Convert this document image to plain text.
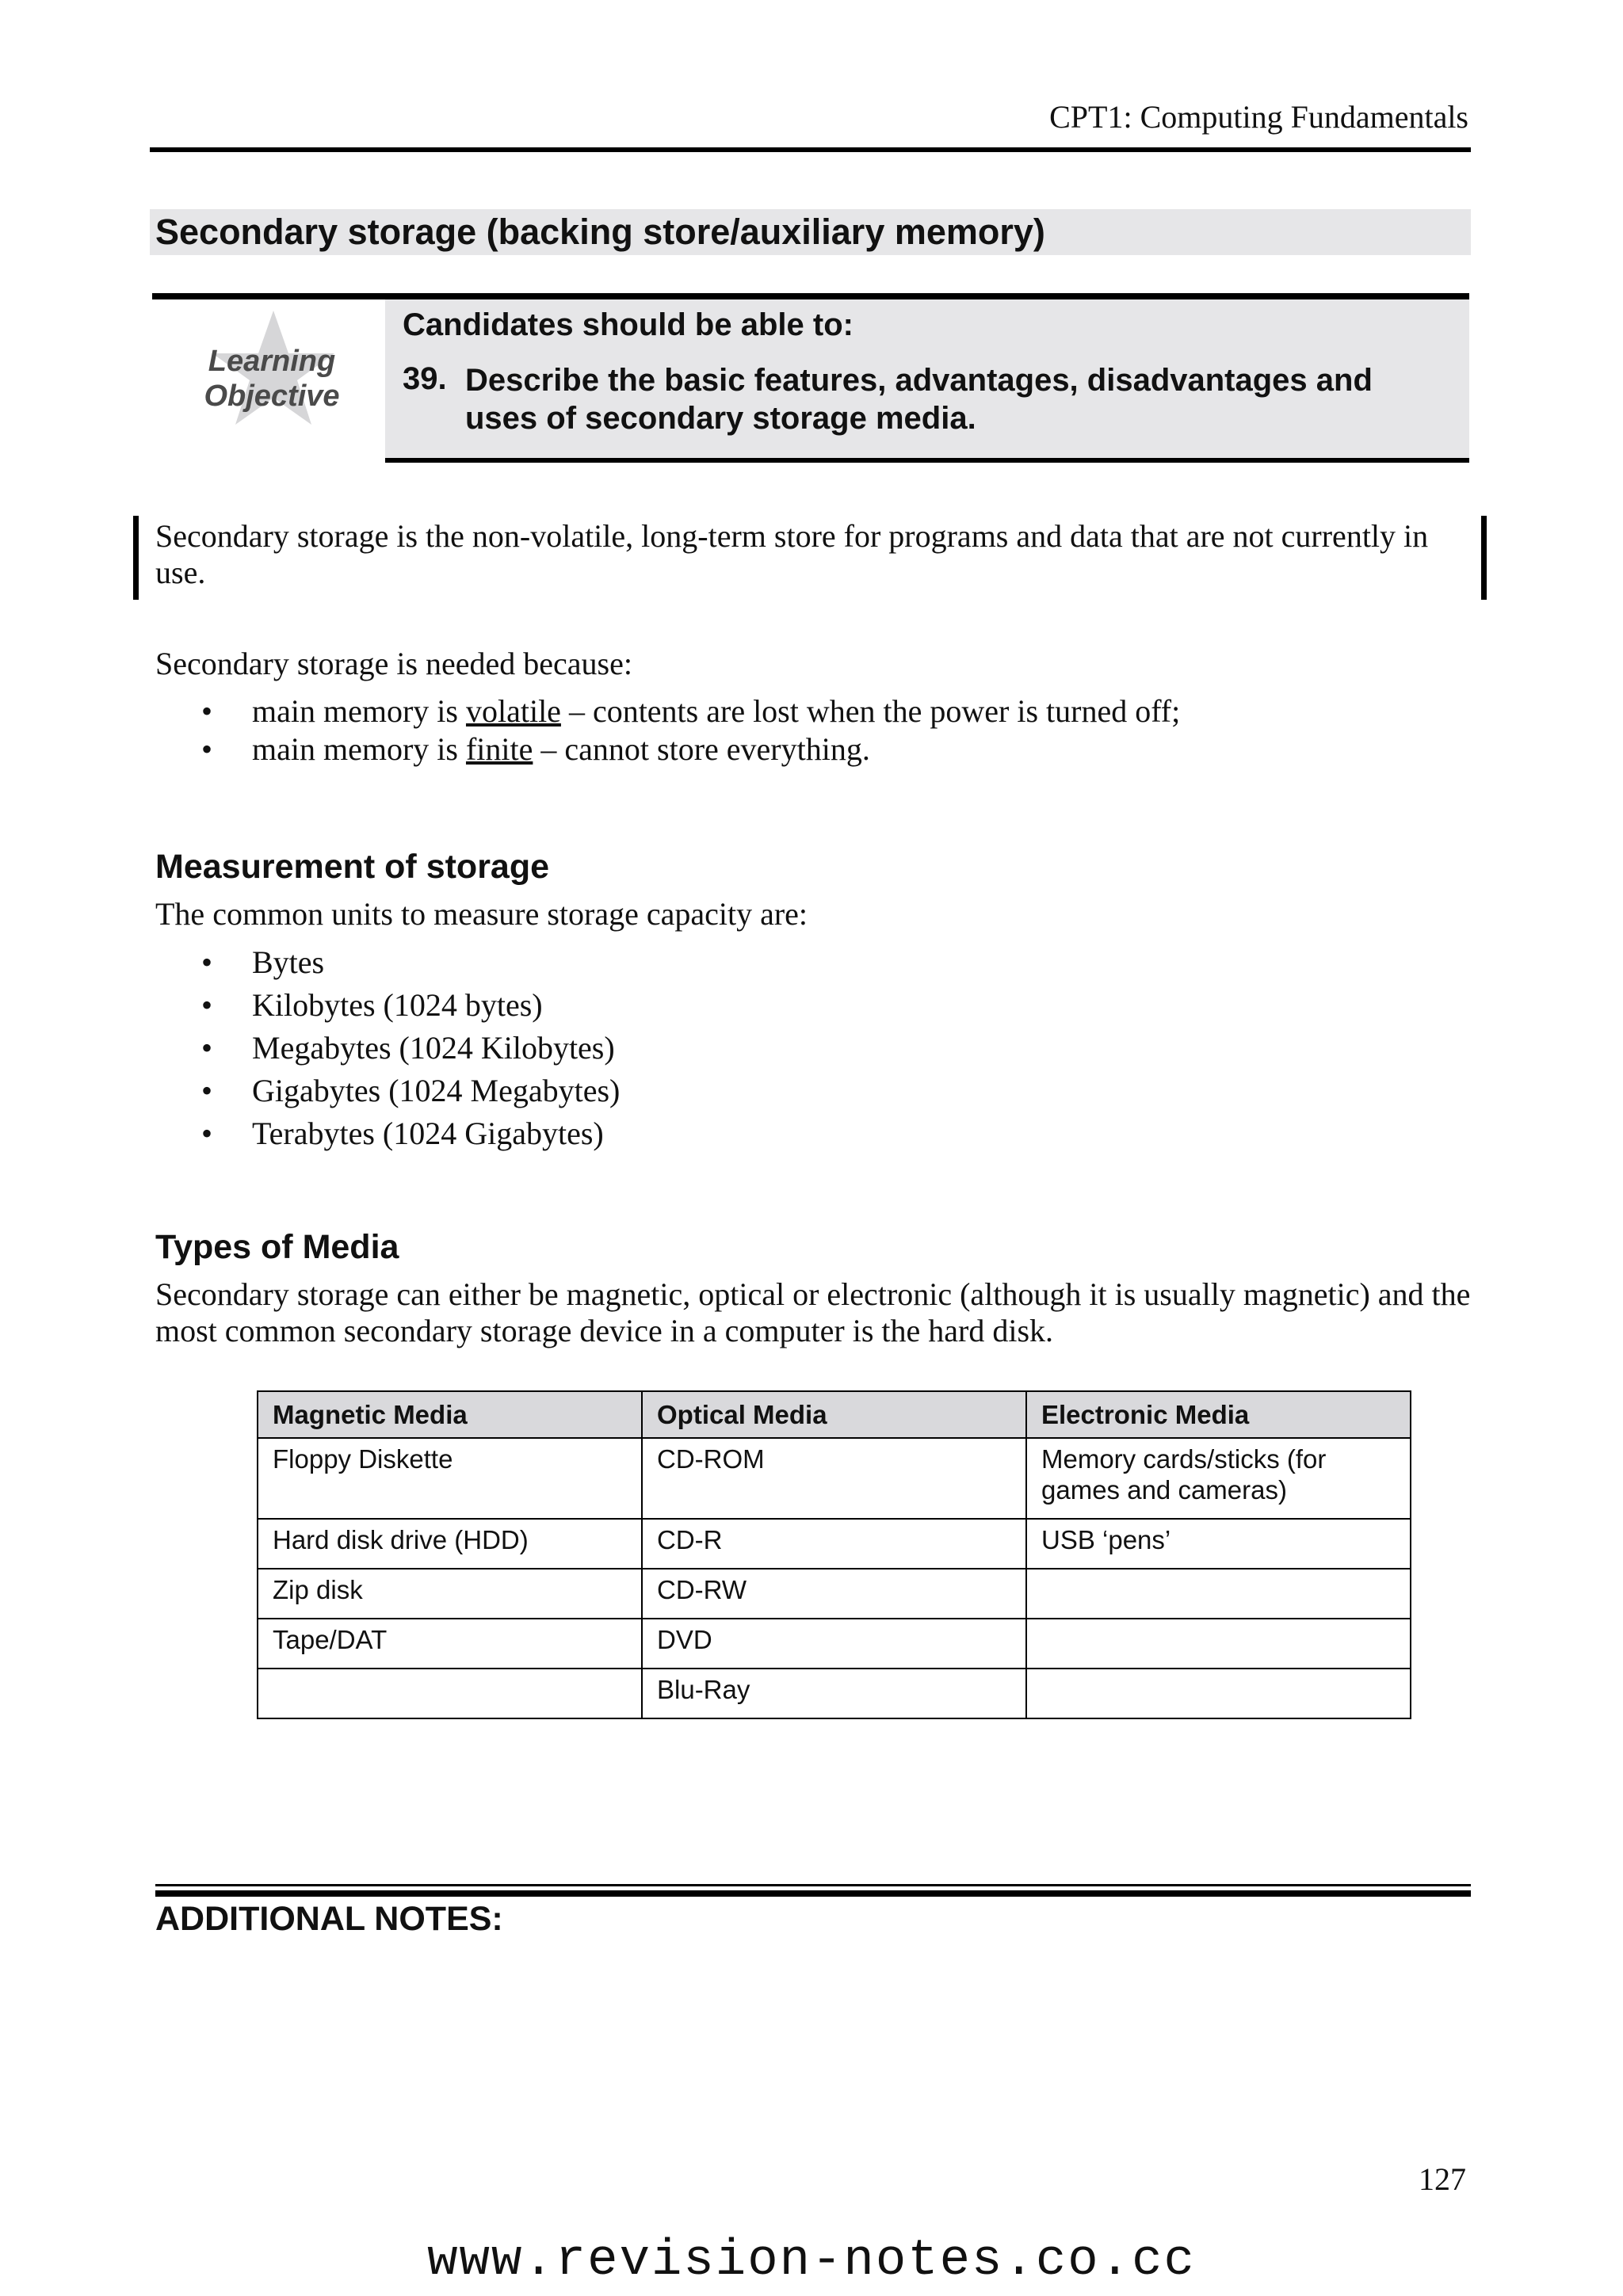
CPT1: Computing Fundamentals
Secondary storage (backing store/auxiliary memory)
Learning
Objective
Candidates should be able to:
39. Describe the basic features, advantages, disadvantages and uses of secondary storage media.
Secondary storage is the non-volatile, long-term store for programs and data that are not currently in use.
Secondary storage is needed because:
• main memory is volatile – contents are lost when the power is turned off;
• main memory is finite – cannot store everything.
Measurement of storage
The common units to measure storage capacity are:
• Bytes
• Kilobytes (1024 bytes)
• Megabytes (1024 Kilobytes)
• Gigabytes (1024 Megabytes)
• Terabytes (1024 Gigabytes)
Types of Media
Secondary storage can either be magnetic, optical or electronic (although it is usually magnetic) and the most common secondary storage device in a computer is the hard disk.
Magnetic Media	Optical Media	Electronic Media
Floppy Diskette	CD-ROM	Memory cards/sticks (for games and cameras)
Hard disk drive (HDD)	CD-R	USB ‘pens’
Zip disk	CD-RW	
Tape/DAT	DVD	
	Blu-Ray	
ADDITIONAL NOTES:
127
www.revision-notes.co.cc
